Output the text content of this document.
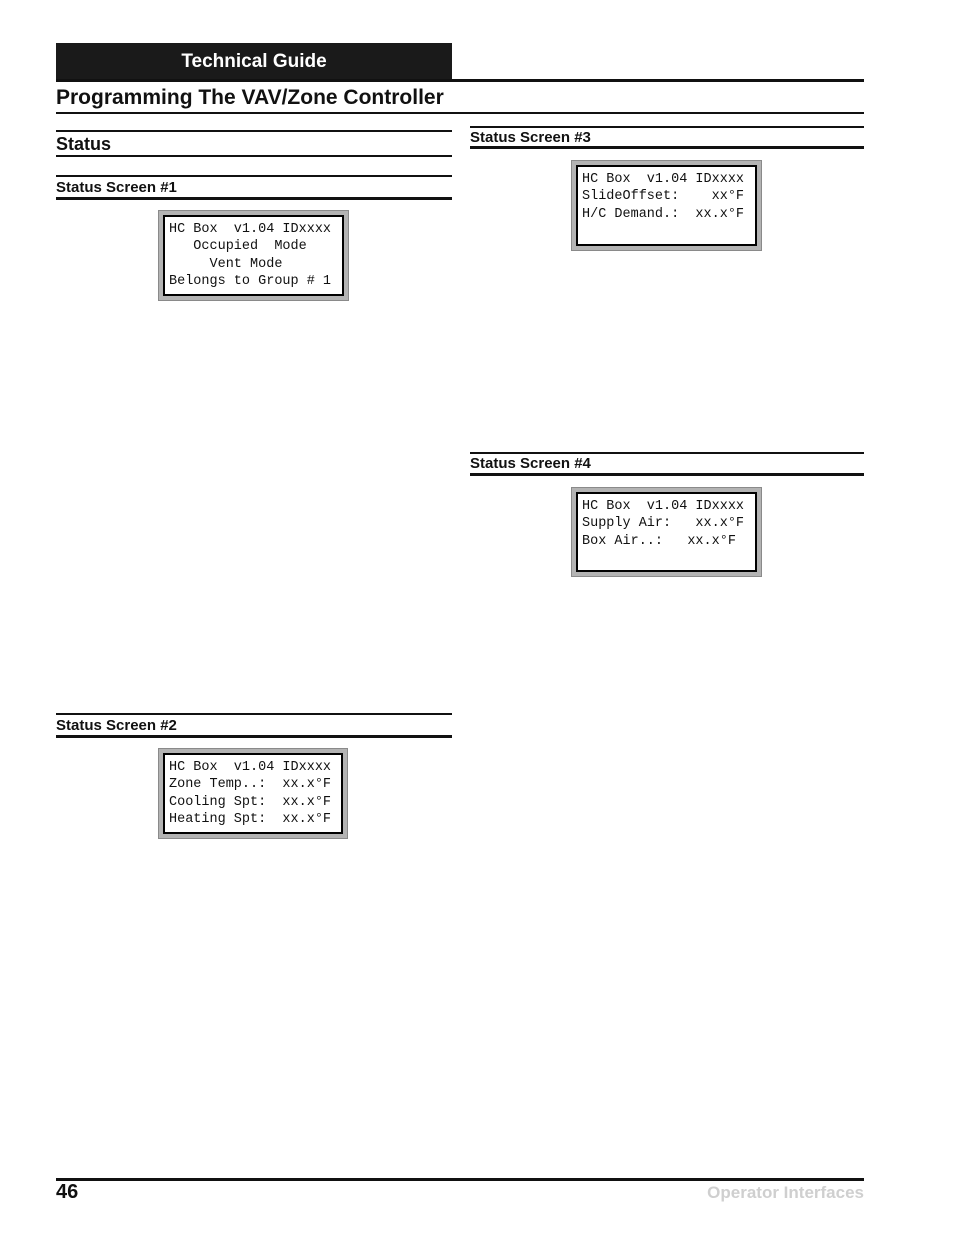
Technical Guide
Programming The VAV/Zone Controller
Status
Status Screen #1
HC Box  v1.04 IDxxxx
Occupied  Mode
Vent Mode
Belongs to Group # 1
Status Screen #2
HC Box  v1.04 IDxxxx
Zone Temp..:  xx.x°F
Cooling Spt:  xx.x°F
Heating Spt:  xx.x°F
Status Screen #3
HC Box  v1.04 IDxxxx
SlideOffset:    xx°F
H/C Demand.:  xx.x°F
Status Screen #4
HC Box  v1.04 IDxxxx
Supply Air:   xx.x°F
Box Air..:   xx.x°F
46	Operator Interfaces
